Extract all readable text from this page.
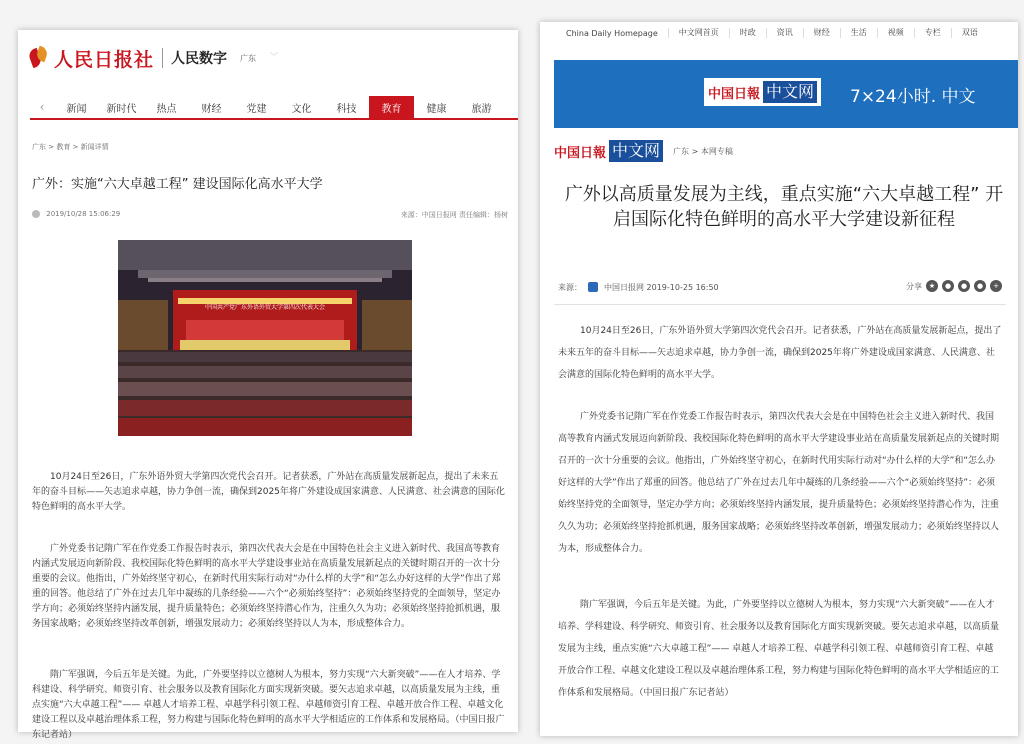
人民日报社 人民数字 广东 ﹀
‹	新闻	新时代	热点	财经	党建	文化	科技	教育	健康	旅游
广东 > 教育 > 新闻详情
广外：实施“六大卓越工程” 建设国际化高水平大学
2019/10/28 15:06:29	来源：中国日报网 责任编辑：杨树
中国共产党广东外语外贸大学第四次代表大会

10月24日至26日，广东外语外贸大学第四次党代会召开。记者获悉，广外站在高质量发展新起点，提出了未来五年的奋斗目标——矢志追求卓越，协力争创一流，确保到2025年将广外建设成国家满意、人民满意、社会满意的国际化特色鲜明的高水平大学。

广外党委书记隋广军在作党委工作报告时表示，第四次代表大会是在中国特色社会主义进入新时代、我国高等教育内涵式发展迈向新阶段、我校国际化特色鲜明的高水平大学建设事业站在高质量发展新起点的关键时期召开的一次十分重要的会议。他指出，广外始终坚守初心，在新时代用实际行动对“办什么样的大学”和“怎么办好这样的大学”作出了郑重的回答。他总结了广外在过去几年中凝练的几条经验——六个“必须始终坚持”：必须始终坚持党的全面领导，坚定办学方向；必须始终坚持内涵发展，提升质量特色；必须始终坚持潜心作为，注重久久为功；必须始终坚持抢抓机遇，服务国家战略；必须始终坚持改革创新，增强发展动力；必须始终坚持以人为本，形成整体合力。

隋广军强调，今后五年是关键。为此，广外要坚持以立德树人为根本，努力实现“六大新突破”——在人才培养、学科建设、科学研究、师资引育、社会服务以及教育国际化方面实现新突破。要矢志追求卓越，以高质量发展为主线，重点实施“六大卓越工程”—— 卓越人才培养工程、卓越学科引领工程、卓越师资引育工程、卓越开放合作工程、卓越文化建设工程以及卓越治理体系工程，努力构建与国际化特色鲜明的高水平大学相适应的工作体系和发展格局。（中国日报广东记者站）

China Daily Homepage	中文网首页	时政	资讯	财经	生活	视频	专栏	双语
中国日報 中文网 7×24小时. 中文
中国日報 中文网	广东 > 本网专稿
广外以高质量发展为主线，重点实施“六大卓越工程” 开启国际化特色鲜明的高水平大学建设新征程
来源：	中国日报网 2019-10-25 16:50	分享 ★	●	●	●	+

10月24日至26日，广东外语外贸大学第四次党代会召开。记者获悉，广外站在高质量发展新起点，提出了未来五年的奋斗目标——矢志追求卓越，协力争创一流，确保到2025年将广外建设成国家满意、人民满意、社会满意的国际化特色鲜明的高水平大学。

广外党委书记隋广军在作党委工作报告时表示，第四次代表大会是在中国特色社会主义进入新时代、我国高等教育内涵式发展迈向新阶段、我校国际化特色鲜明的高水平大学建设事业站在高质量发展新起点的关键时期召开的一次十分重要的会议。他指出，广外始终坚守初心，在新时代用实际行动对“办什么样的大学”和“怎么办好这样的大学”作出了郑重的回答。他总结了广外在过去几年中凝练的几条经验——六个“必须始终坚持”：必须始终坚持党的全面领导，坚定办学方向；必须始终坚持内涵发展，提升质量特色；必须始终坚持潜心作为，注重久久为功；必须始终坚持抢抓机遇，服务国家战略；必须始终坚持改革创新，增强发展动力；必须始终坚持以人为本，形成整体合力。

隋广军强调，今后五年是关键。为此，广外要坚持以立德树人为根本，努力实现“六大新突破”——在人才培养、学科建设、科学研究、师资引育、社会服务以及教育国际化方面实现新突破。要矢志追求卓越，以高质量发展为主线，重点实施“六大卓越工程”—— 卓越人才培养工程、卓越学科引领工程、卓越师资引育工程、卓越开放合作工程、卓越文化建设工程以及卓越治理体系工程，努力构建与国际化特色鲜明的高水平大学相适应的工作体系和发展格局。（中国日报广东记者站）
